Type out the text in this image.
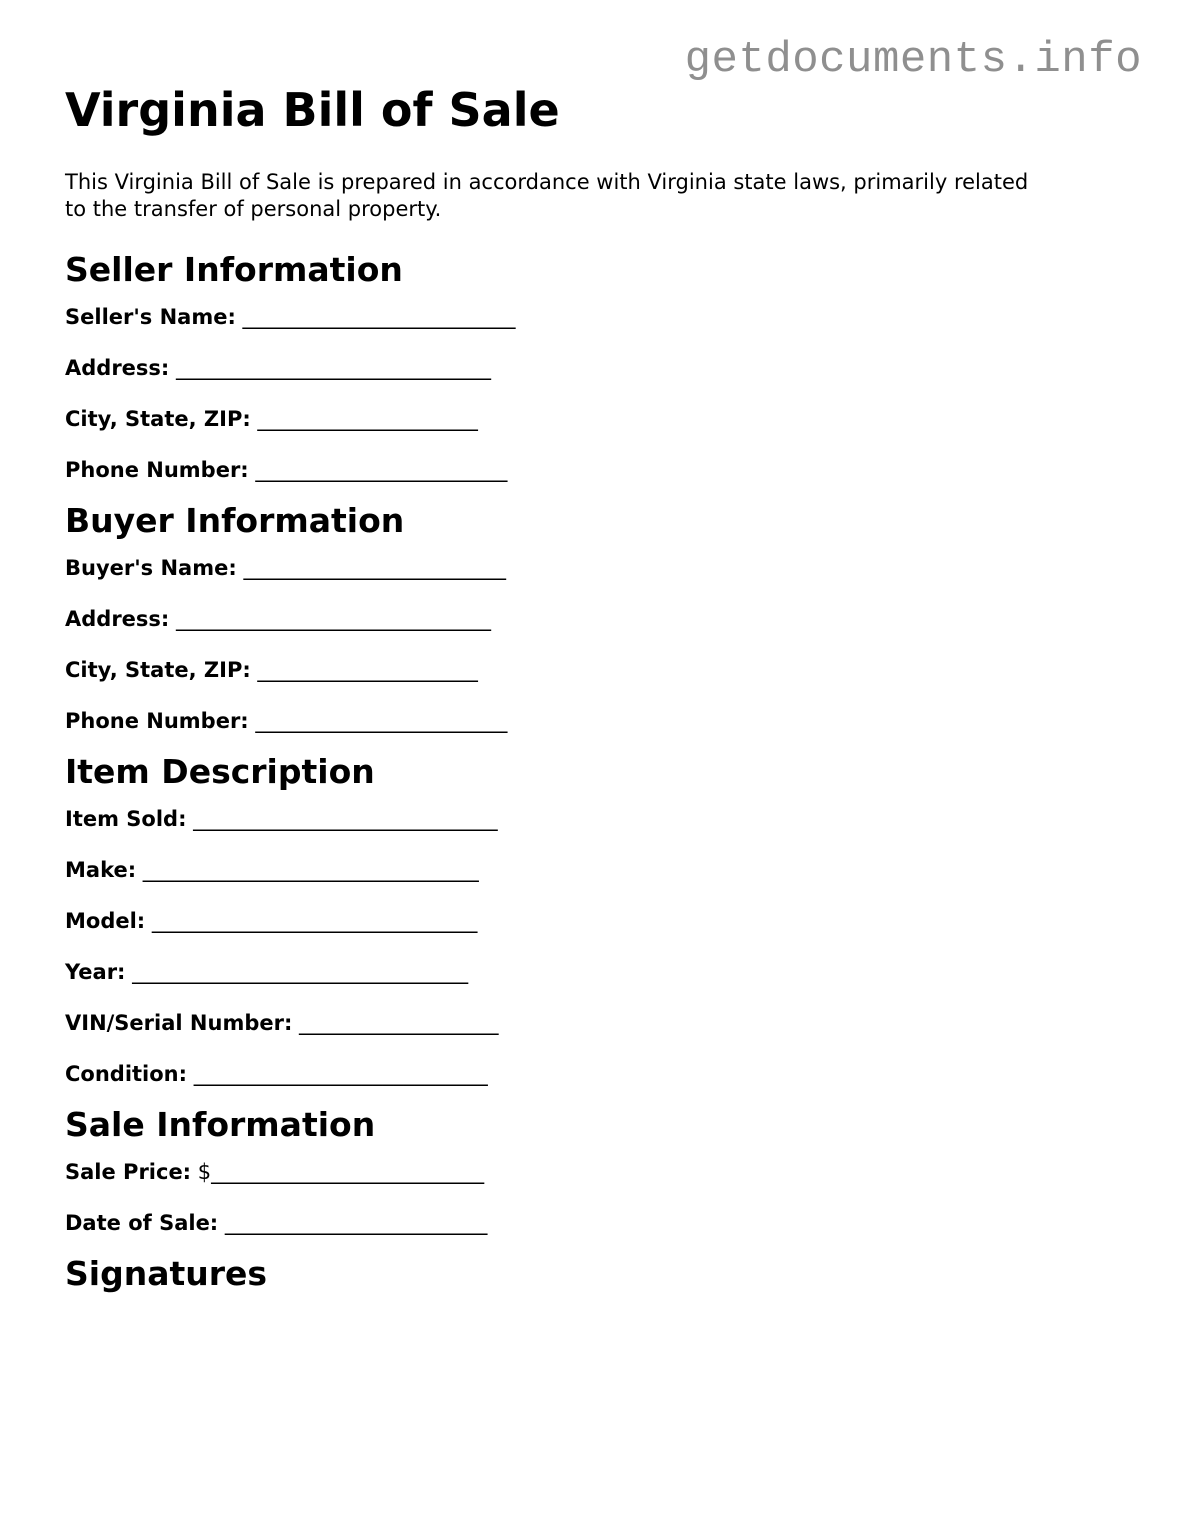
getdocuments.info
Virginia Bill of Sale

This Virginia Bill of Sale is prepared in accordance with Virginia state laws, primarily related to the transfer of personal property.

Seller Information
Seller's Name: __________________________
Address: ______________________________
City, State, ZIP: _____________________
Phone Number: ________________________
Buyer Information
Buyer's Name: _________________________
Address: ______________________________
City, State, ZIP: _____________________
Phone Number: ________________________
Item Description
Item Sold: _____________________________
Make: ________________________________
Model: _______________________________
Year: ________________________________
VIN/Serial Number: ___________________
Condition: ____________________________
Sale Information
Sale Price: $__________________________
Date of Sale: _________________________
Signatures
